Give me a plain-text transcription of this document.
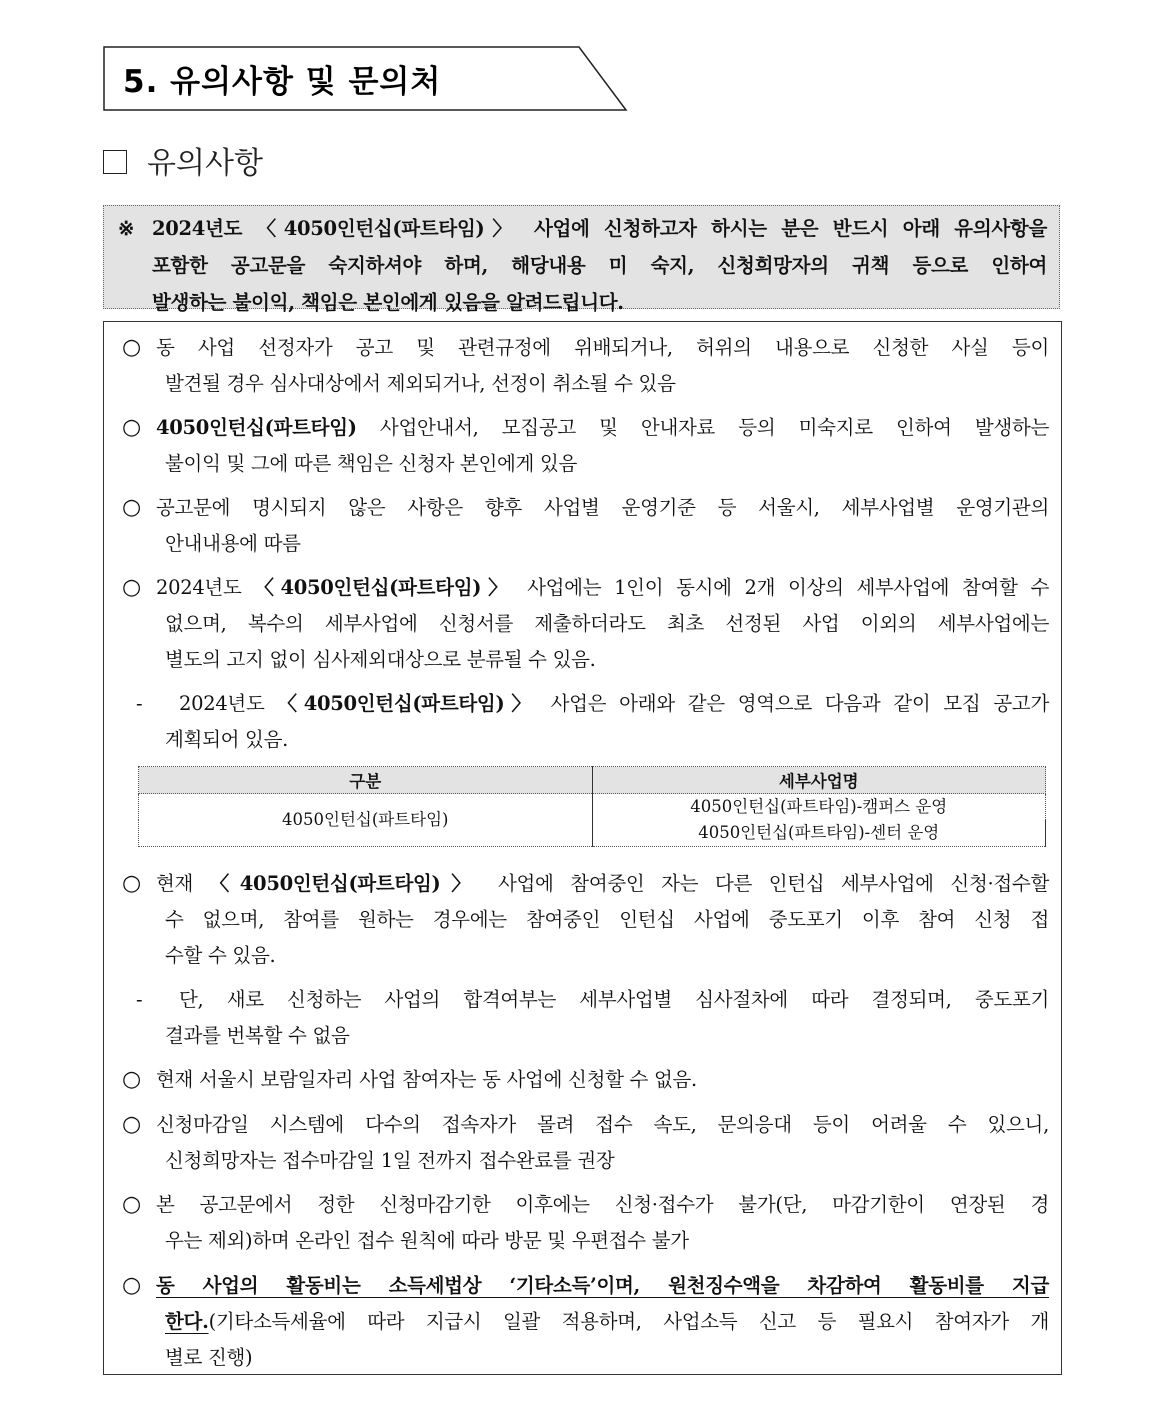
5. 유의사항 및 문의처
유의사항
※ 2024년도 〈4050인턴십(파트타임)〉 사업에 신청하고자 하시는 분은 반드시 아래 유의사항을
포함한 공고문을 숙지하셔야 하며, 해당내용 미 숙지, 신청희망자의 귀책 등으로 인하여
발생하는 불이익, 책임은 본인에게 있음을 알려드립니다.
○ 동 사업 선정자가 공고 및 관련규정에 위배되거나, 허위의 내용으로 신청한 사실 등이
발견될 경우 심사대상에서 제외되거나, 선정이 취소될 수 있음
○ 4050인턴십(파트타임) 사업안내서, 모집공고 및 안내자료 등의 미숙지로 인하여 발생하는
불이익 및 그에 따른 책임은 신청자 본인에게 있음
○ 공고문에 명시되지 않은 사항은 향후 사업별 운영기준 등 서울시, 세부사업별 운영기관의
안내내용에 따름
○ 2024년도 〈4050인턴십(파트타임)〉 사업에는 1인이 동시에 2개 이상의 세부사업에 참여할 수
없으며, 복수의 세부사업에 신청서를 제출하더라도 최초 선정된 사업 이외의 세부사업에는
별도의 고지 없이 심사제외대상으로 분류될 수 있음.
-	2024년도 〈4050인턴십(파트타임)〉 사업은 아래와 같은 영역으로 다음과 같이 모집 공고가
계획되어 있음.
구분	세부사업명
4050인턴십(파트타임)	4050인턴십(파트타임)-캠퍼스 운영
	4050인턴십(파트타임)-센터 운영
○ 현재 〈4050인턴십(파트타임)〉 사업에 참여중인 자는 다른 인턴십 세부사업에 신청·접수할
수 없으며, 참여를 원하는 경우에는 참여중인 인턴십 사업에 중도포기 이후 참여 신청 접
수할 수 있음.
-	단, 새로 신청하는 사업의 합격여부는 세부사업별 심사절차에 따라 결정되며, 중도포기
결과를 번복할 수 없음
○ 현재 서울시 보람일자리 사업 참여자는 동 사업에 신청할 수 없음.
○ 신청마감일 시스템에 다수의 접속자가 몰려 접수 속도, 문의응대 등이 어려울 수 있으니,
신청희망자는 접수마감일 1일 전까지 접수완료를 권장
○ 본 공고문에서 정한 신청마감기한 이후에는 신청·접수가 불가(단, 마감기한이 연장된 경
우는 제외)하며 온라인 접수 원칙에 따라 방문 및 우편접수 불가
○ 동 사업의 활동비는 소득세법상 ‘기타소득’이며, 원천징수액을 차감하여 활동비를 지급
한다.(기타소득세율에 따라 지급시 일괄 적용하며, 사업소득 신고 등 필요시 참여자가 개
별로 진행)
